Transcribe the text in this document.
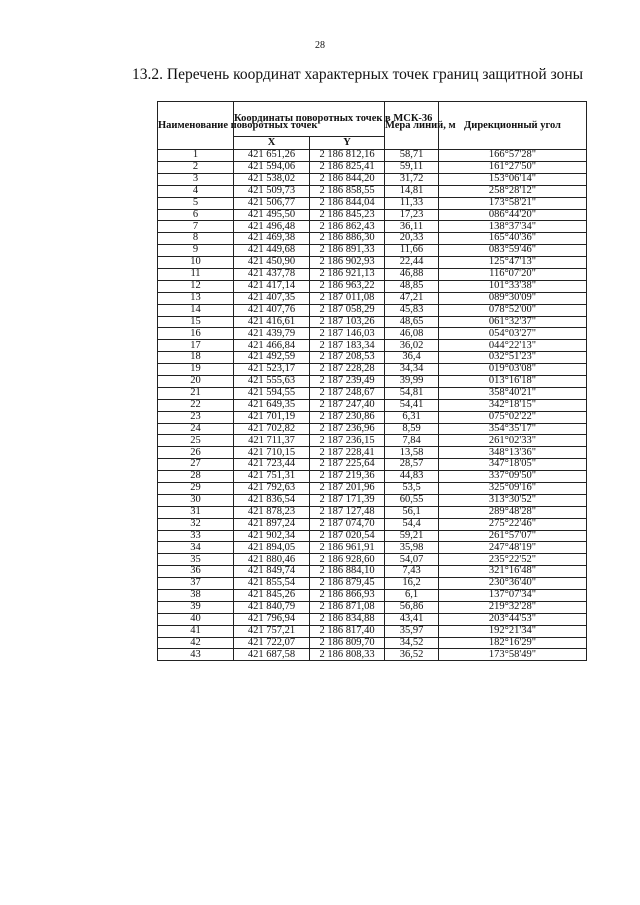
28
13.2. Перечень координат характерных точек границ защитной зоны
Наименование поворотных точек	Координаты поворотных точек в МСК-36		Мера линий, м	Дирекционный угол
	X	Y		
1	421 651,26	2 186 812,16	58,71	166°57'28"
2	421 594,06	2 186 825,41	59,11	161°27'50"
3	421 538,02	2 186 844,20	31,72	153°06'14"
4	421 509,73	2 186 858,55	14,81	258°28'12"
5	421 506,77	2 186 844,04	11,33	173°58'21"
6	421 495,50	2 186 845,23	17,23	086°44'20"
7	421 496,48	2 186 862,43	36,11	138°37'34"
8	421 469,38	2 186 886,30	20,33	165°40'36"
9	421 449,68	2 186 891,33	11,66	083°59'46"
10	421 450,90	2 186 902,93	22,44	125°47'13"
11	421 437,78	2 186 921,13	46,88	116°07'20"
12	421 417,14	2 186 963,22	48,85	101°33'38"
13	421 407,35	2 187 011,08	47,21	089°30'09"
14	421 407,76	2 187 058,29	45,83	078°52'00"
15	421 416,61	2 187 103,26	48,65	061°32'37"
16	421 439,79	2 187 146,03	46,08	054°03'27"
17	421 466,84	2 187 183,34	36,02	044°22'13"
18	421 492,59	2 187 208,53	36,4	032°51'23"
19	421 523,17	2 187 228,28	34,34	019°03'08"
20	421 555,63	2 187 239,49	39,99	013°16'18"
21	421 594,55	2 187 248,67	54,81	358°40'21"
22	421 649,35	2 187 247,40	54,41	342°18'15"
23	421 701,19	2 187 230,86	6,31	075°02'22"
24	421 702,82	2 187 236,96	8,59	354°35'17"
25	421 711,37	2 187 236,15	7,84	261°02'33"
26	421 710,15	2 187 228,41	13,58	348°13'36"
27	421 723,44	2 187 225,64	28,57	347°18'05"
28	421 751,31	2 187 219,36	44,83	337°09'50"
29	421 792,63	2 187 201,96	53,5	325°09'16"
30	421 836,54	2 187 171,39	60,55	313°30'52"
31	421 878,23	2 187 127,48	56,1	289°48'28"
32	421 897,24	2 187 074,70	54,4	275°22'46"
33	421 902,34	2 187 020,54	59,21	261°57'07"
34	421 894,05	2 186 961,91	35,98	247°48'19"
35	421 880,46	2 186 928,60	54,07	235°22'52"
36	421 849,74	2 186 884,10	7,43	321°16'48"
37	421 855,54	2 186 879,45	16,2	230°36'40"
38	421 845,26	2 186 866,93	6,1	137°07'34"
39	421 840,79	2 186 871,08	56,86	219°32'28"
40	421 796,94	2 186 834,88	43,41	203°44'53"
41	421 757,21	2 186 817,40	35,97	192°21'34"
42	421 722,07	2 186 809,70	34,52	182°16'29"
43	421 687,58	2 186 808,33	36,52	173°58'49"
